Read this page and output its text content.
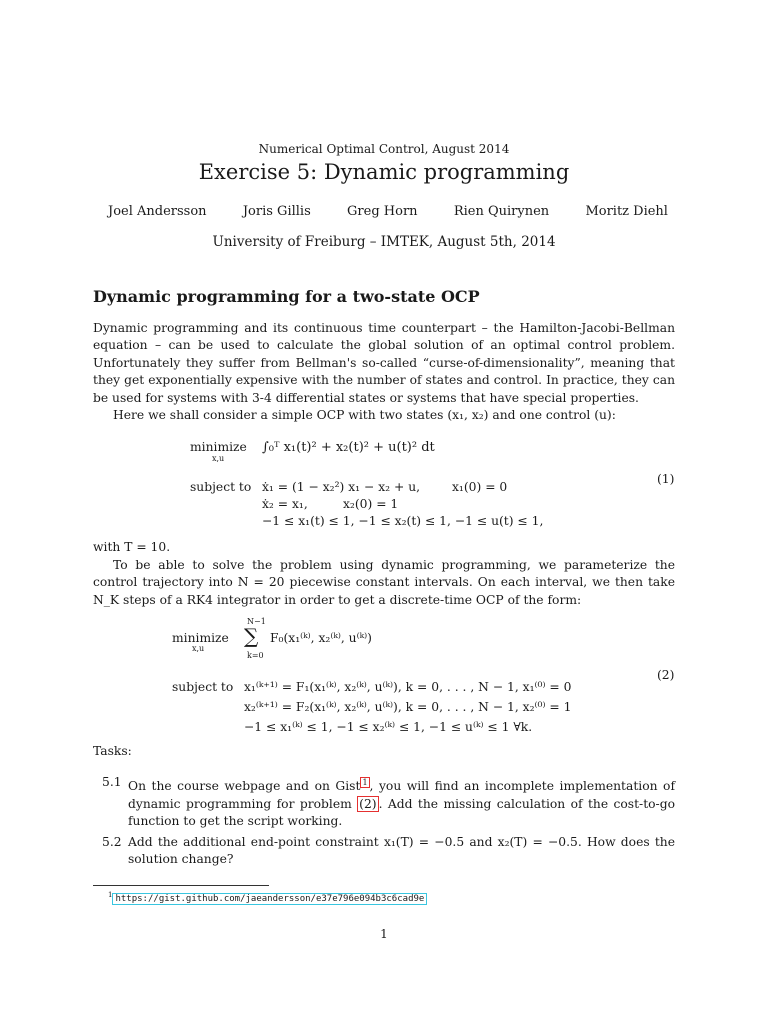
Numerical Optimal Control, August 2014
Exercise 5: Dynamic programming
Joel Andersson	Joris Gillis	Greg Horn	Rien Quirynen	Moritz Diehl
University of Freiburg – IMTEK, August 5th, 2014
Dynamic programming for a two-state OCP

Dynamic programming and its continuous time counterpart – the Hamilton-Jacobi-Bellman equation – can be used to calculate the global solution of an optimal control problem. Unfortunately they suffer from Bellman's so-called “curse-of-dimensionality”, meaning that they get exponentially expensive with the number of states and control. In practice, they can be used for systems with 3-4 differential states or systems that have special properties.

Here we shall consider a simple OCP with two states (x₁, x₂) and one control (u):

minimize
x,u
∫₀ᵀ x₁(t)² + x₂(t)² + u(t)² dt
subject to ẋ₁ = (1 − x₂²) x₁ − x₂ + u,	x₁(0) = 0
ẋ₂ = x₁,	x₂(0) = 1
−1 ≤ x₁(t) ≤ 1, −1 ≤ x₂(t) ≤ 1, −1 ≤ u(t) ≤ 1,
(1)
with T = 10.

To be able to solve the problem using dynamic programming, we parameterize the control trajectory into N = 20 piecewise constant intervals. On each interval, we then take N_K steps of a RK4 integrator in order to get a discrete-time OCP of the form:

N−1
minimize
x,u
∑ F₀(x₁⁽ᵏ⁾, x₂⁽ᵏ⁾, u⁽ᵏ⁾)
k=0
subject to x₁⁽ᵏ⁺¹⁾ = F₁(x₁⁽ᵏ⁾, x₂⁽ᵏ⁾, u⁽ᵏ⁾), k = 0, . . . , N − 1, x₁⁽⁰⁾ = 0
x₂⁽ᵏ⁺¹⁾ = F₂(x₁⁽ᵏ⁾, x₂⁽ᵏ⁾, u⁽ᵏ⁾), k = 0, . . . , N − 1, x₂⁽⁰⁾ = 1
−1 ≤ x₁⁽ᵏ⁾ ≤ 1, −1 ≤ x₂⁽ᵏ⁾ ≤ 1, −1 ≤ u⁽ᵏ⁾ ≤ 1 ∀k.
(2)
Tasks:
5.1 On the course webpage and on Gist $^1$ , you will find an incomplete implementation of dynamic programming for problem (2) . Add the missing calculation of the cost-to-go function to get the script working.
5.2 Add the additional end-point constraint x₁(T) = −0.5 and x₂(T) = −0.5. How does the solution change?
$^1$ https://gist.github.com/jaeandersson/e37e796e094b3c6cad9e
1
